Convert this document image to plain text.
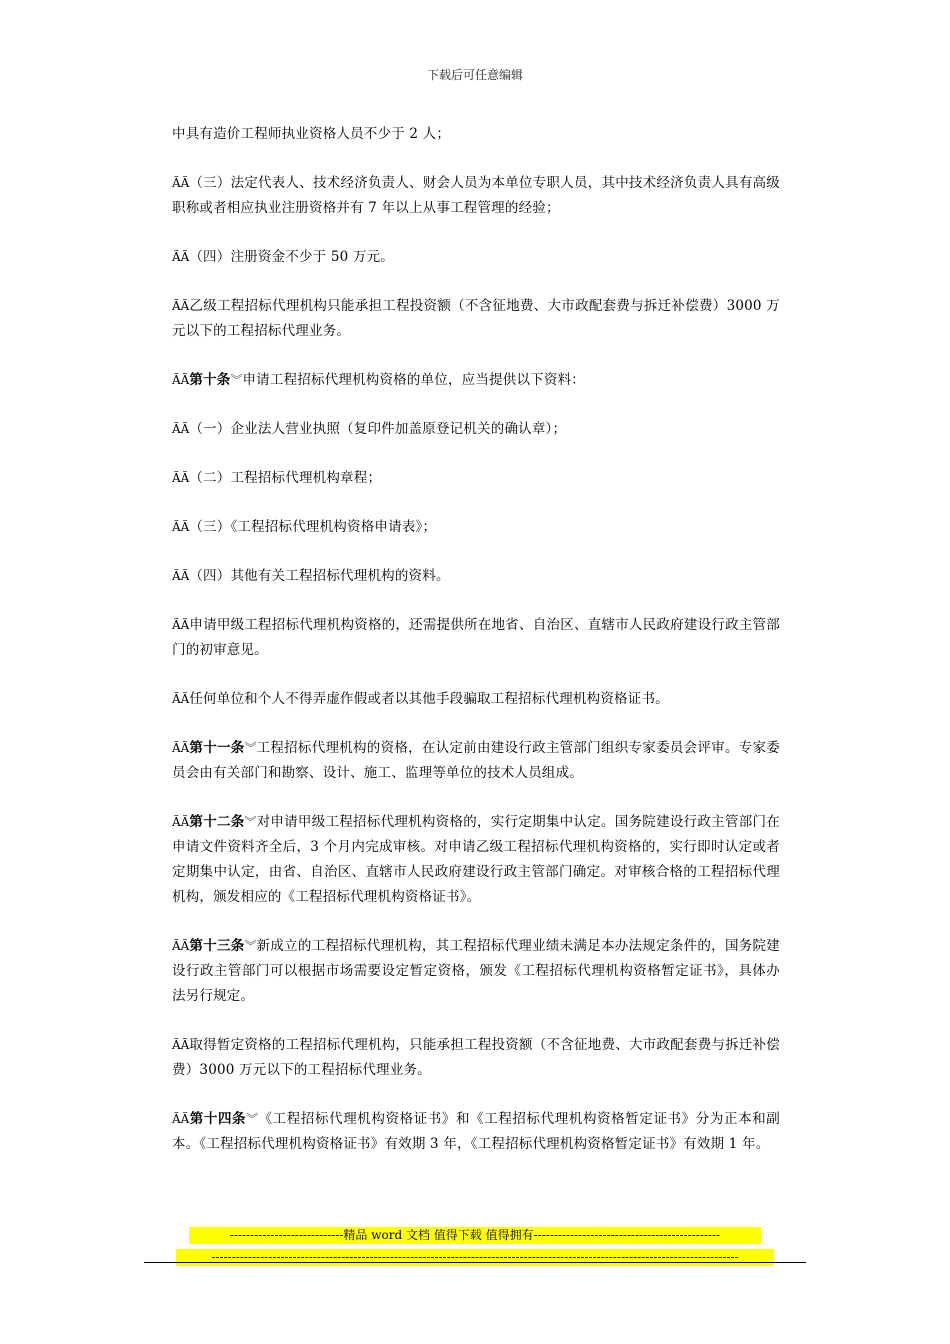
下载后可任意编辑

中具有造价工程师执业资格人员不少于 2 人；

ÃÃ（三）法定代表人、技术经济负责人、财会人员为本单位专职人员，其中技术经济负责人具有高级职称或者相应执业注册资格并有 7 年以上从事工程管理的经验；

ÃÃ（四）注册资金不少于 50 万元。

ÃÃ乙级工程招标代理机构只能承担工程投资额（不含征地费、大市政配套费与拆迁补偿费）3000 万元以下的工程招标代理业务。

ÃÃ第十条︾申请工程招标代理机构资格的单位，应当提供以下资料：

ÃÃ（一）企业法人营业执照（复印件加盖原登记机关的确认章）；

ÃÃ（二）工程招标代理机构章程；

ÃÃ（三）《工程招标代理机构资格申请表》；

ÃÃ（四）其他有关工程招标代理机构的资料。

ÃÃ申请甲级工程招标代理机构资格的，还需提供所在地省、自治区、直辖市人民政府建设行政主管部门的初审意见。

ÃÃ任何单位和个人不得弄虚作假或者以其他手段骗取工程招标代理机构资格证书。

ÃÃ第十一条︾工程招标代理机构的资格，在认定前由建设行政主管部门组织专家委员会评审。专家委员会由有关部门和勘察、设计、施工、监理等单位的技术人员组成。

ÃÃ第十二条︾对申请甲级工程招标代理机构资格的，实行定期集中认定。国务院建设行政主管部门在申请文件资料齐全后，3 个月内完成审核。对申请乙级工程招标代理机构资格的，实行即时认定或者定期集中认定，由省、自治区、直辖市人民政府建设行政主管部门确定。对审核合格的工程招标代理机构，颁发相应的《工程招标代理机构资格证书》。

ÃÃ第十三条︾新成立的工程招标代理机构，其工程招标代理业绩未满足本办法规定条件的，国务院建设行政主管部门可以根据市场需要设定暂定资格，颁发《工程招标代理机构资格暂定证书》，具体办法另行规定。

ÃÃ取得暂定资格的工程招标代理机构，只能承担工程投资额（不含征地费、大市政配套费与拆迁补偿费）3000 万元以下的工程招标代理业务。

ÃÃ第十四条︾《工程招标代理机构资格证书》和《工程招标代理机构资格暂定证书》分为正本和副本。《工程招标代理机构资格证书》有效期 3 年，《工程招标代理机构资格暂定证书》有效期 1 年。

----------------------------精品 word 文档 值得下载 值得拥有----------------------------------------------
----------------------------------------------------------------------------------------------------------------------------------
